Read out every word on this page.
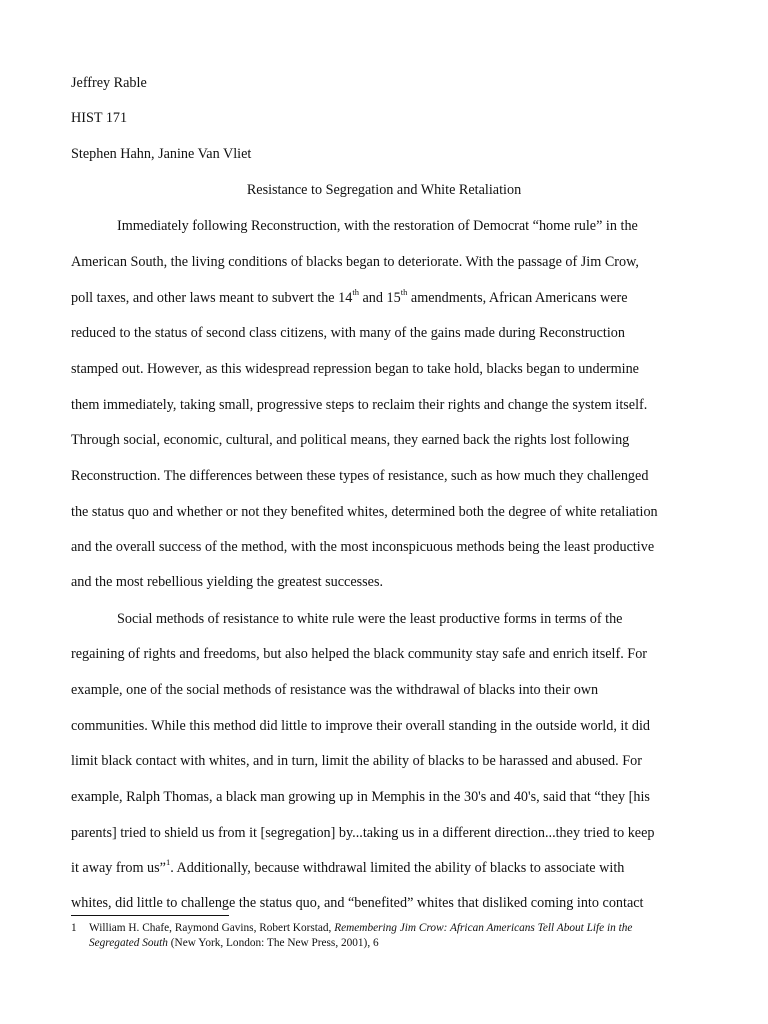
Jeffrey Rable
HIST 171
Stephen Hahn, Janine Van Vliet
Resistance to Segregation and White Retaliation
Immediately following Reconstruction, with the restoration of Democrat “home rule” in the
American South, the living conditions of blacks began to deteriorate. With the passage of Jim Crow,
poll taxes, and other laws meant to subvert the 14th and 15th amendments, African Americans were
reduced to the status of second class citizens, with many of the gains made during Reconstruction
stamped out. However, as this widespread repression began to take hold, blacks began to undermine
them immediately, taking small, progressive steps to reclaim their rights and change the system itself.
Through social, economic, cultural, and political means, they earned back the rights lost following
Reconstruction. The differences between these types of resistance, such as how much they challenged
the status quo and whether or not they benefited whites, determined both the degree of white retaliation
and the overall success of the method, with the most inconspicuous methods being the least productive
and the most rebellious yielding the greatest successes.
Social methods of resistance to white rule were the least productive forms in terms of the
regaining of rights and freedoms, but also helped the black community stay safe and enrich itself. For
example, one of the social methods of resistance was the withdrawal of blacks into their own
communities. While this method did little to improve their overall standing in the outside world, it did
limit black contact with whites, and in turn, limit the ability of blacks to be harassed and abused. For
example, Ralph Thomas, a black man growing up in Memphis in the 30's and 40's, said that “they [his
parents] tried to shield us from it [segregation] by...taking us in a different direction...they tried to keep
it away from us”$^1$. Additionally, because withdrawal limited the ability of blacks to associate with
whites, did little to challenge the status quo, and “benefited” whites that disliked coming into contact
1 William H. Chafe, Raymond Gavins, Robert Korstad, Remembering Jim Crow: African Americans Tell About Life in the
Segregated South (New York, London: The New Press, 2001), 6
